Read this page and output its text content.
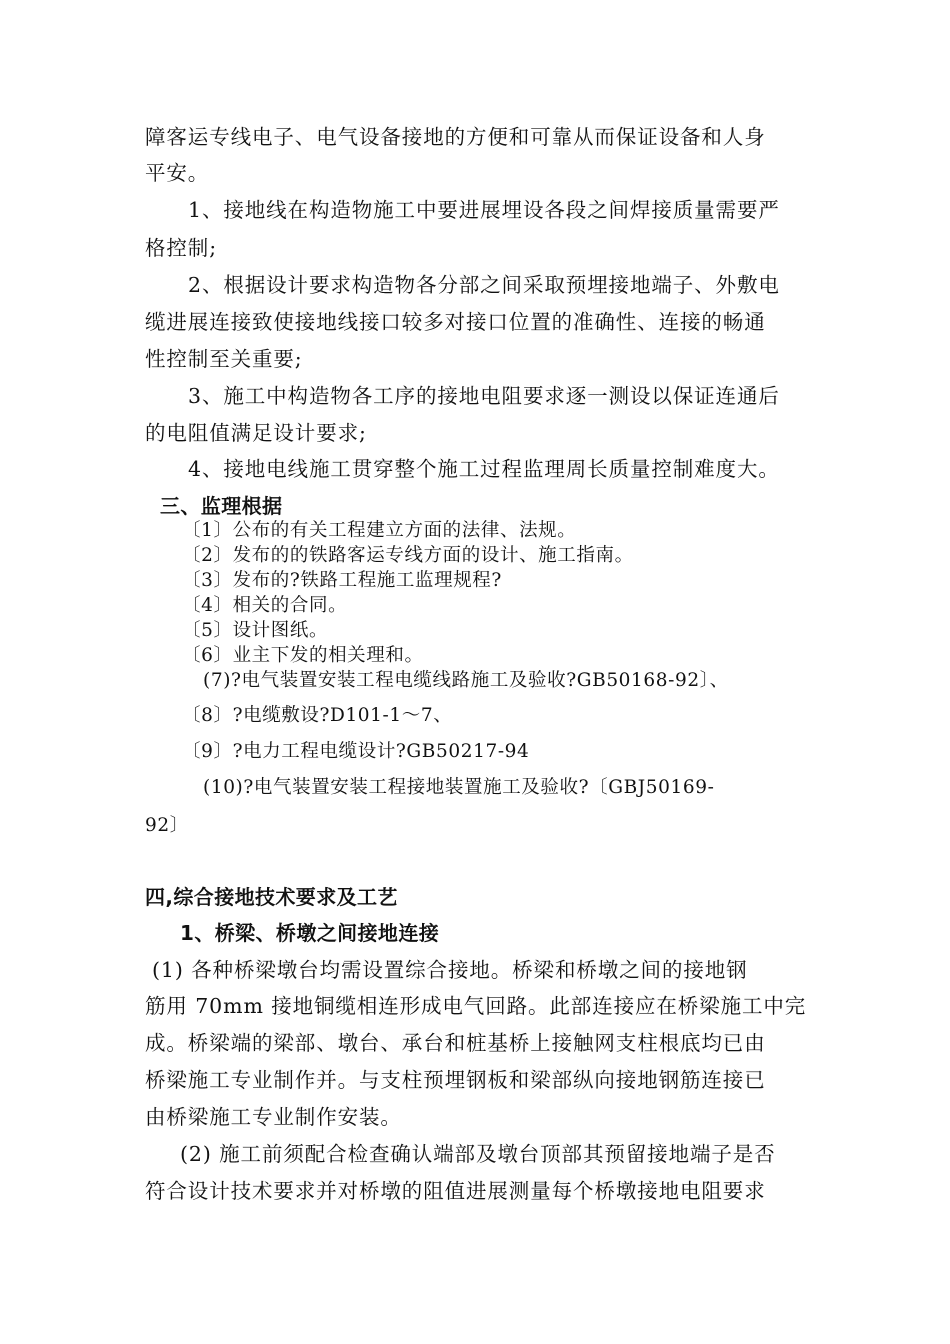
障客运专线电子、电气设备接地的方便和可靠从而保证设备和人身
平安。
1、接地线在构造物施工中要进展埋设各段之间焊接质量需要严
格控制;
2、根据设计要求构造物各分部之间采取预埋接地端子、外敷电
缆进展连接致使接地线接口较多对接口位置的准确性、连接的畅通
性控制至关重要;
3、施工中构造物各工序的接地电阻要求逐一测设以保证连通后
的电阻值满足设计要求;
4、接地电线施工贯穿整个施工过程监理周长质量控制难度大。
三、监理根据
〔1〕公布的有关工程建立方面的法律、法规。
〔2〕发布的的铁路客运专线方面的设计、施工指南。
〔3〕发布的?铁路工程施工监理规程?
〔4〕相关的合同。
〔5〕设计图纸。
〔6〕业主下发的相关理和。
(7)?电气装置安装工程电缆线路施工及验收?GB50168-92〕、
〔8〕?电缆敷设?D101-1～7、
〔9〕?电力工程电缆设计?GB50217-94
(10)?电气装置安装工程接地装置施工及验收?〔GBJ50169-
92〕
四,综合接地技术要求及工艺
1、桥梁、桥墩之间接地连接
(1) 各种桥梁墩台均需设置综合接地。桥梁和桥墩之间的接地钢
筋用 70mm 接地铜缆相连形成电气回路。此部连接应在桥梁施工中完
成。桥梁端的梁部、墩台、承台和桩基桥上接触网支柱根底均已由
桥梁施工专业制作并。与支柱预埋钢板和梁部纵向接地钢筋连接已
由桥梁施工专业制作安装。
(2) 施工前须配合检查确认端部及墩台顶部其预留接地端子是否
符合设计技术要求并对桥墩的阻值进展测量每个桥墩接地电阻要求
